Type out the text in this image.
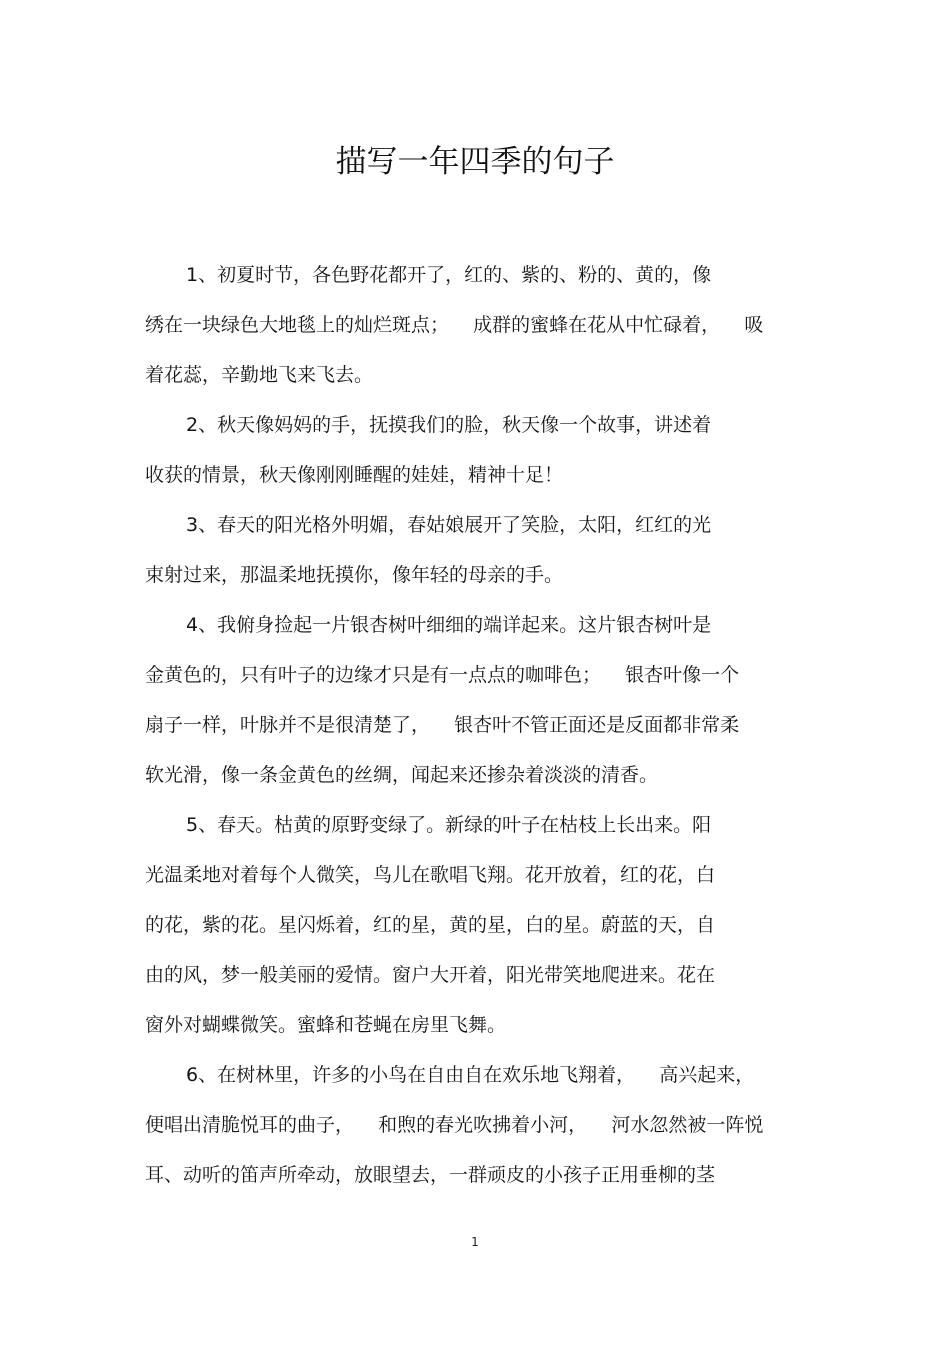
描写一年四季的句子
1、初夏时节，各色野花都开了，红的、紫的、粉的、黄的，像
绣在一块绿色大地毯上的灿烂斑点；    成群的蜜蜂在花从中忙碌着，    吸
着花蕊，辛勤地飞来飞去。
2、秋天像妈妈的手，抚摸我们的脸，秋天像一个故事，讲述着
收获的情景，秋天像刚刚睡醒的娃娃，精神十足！
3、春天的阳光格外明媚，春姑娘展开了笑脸，太阳，红红的光
束射过来，那温柔地抚摸你，像年轻的母亲的手。
4、我俯身捡起一片银杏树叶细细的端详起来。这片银杏树叶是
金黄色的，只有叶子的边缘才只是有一点点的咖啡色；    银杏叶像一个
扇子一样，叶脉并不是很清楚了，    银杏叶不管正面还是反面都非常柔
软光滑，像一条金黄色的丝绸，闻起来还掺杂着淡淡的清香。
5、春天。枯黄的原野变绿了。新绿的叶子在枯枝上长出来。阳
光温柔地对着每个人微笑，鸟儿在歌唱飞翔。花开放着，红的花，白
的花，紫的花。星闪烁着，红的星，黄的星，白的星。蔚蓝的天，自
由的风，梦一般美丽的爱情。窗户大开着，阳光带笑地爬进来。花在
窗外对蝴蝶微笑。蜜蜂和苍蝇在房里飞舞。
6、在树林里，许多的小鸟在自由自在欢乐地飞翔着，    高兴起来，
便唱出清脆悦耳的曲子，    和煦的春光吹拂着小河，    河水忽然被一阵悦
耳、动听的笛声所牵动，放眼望去，一群顽皮的小孩子正用垂柳的茎
1
